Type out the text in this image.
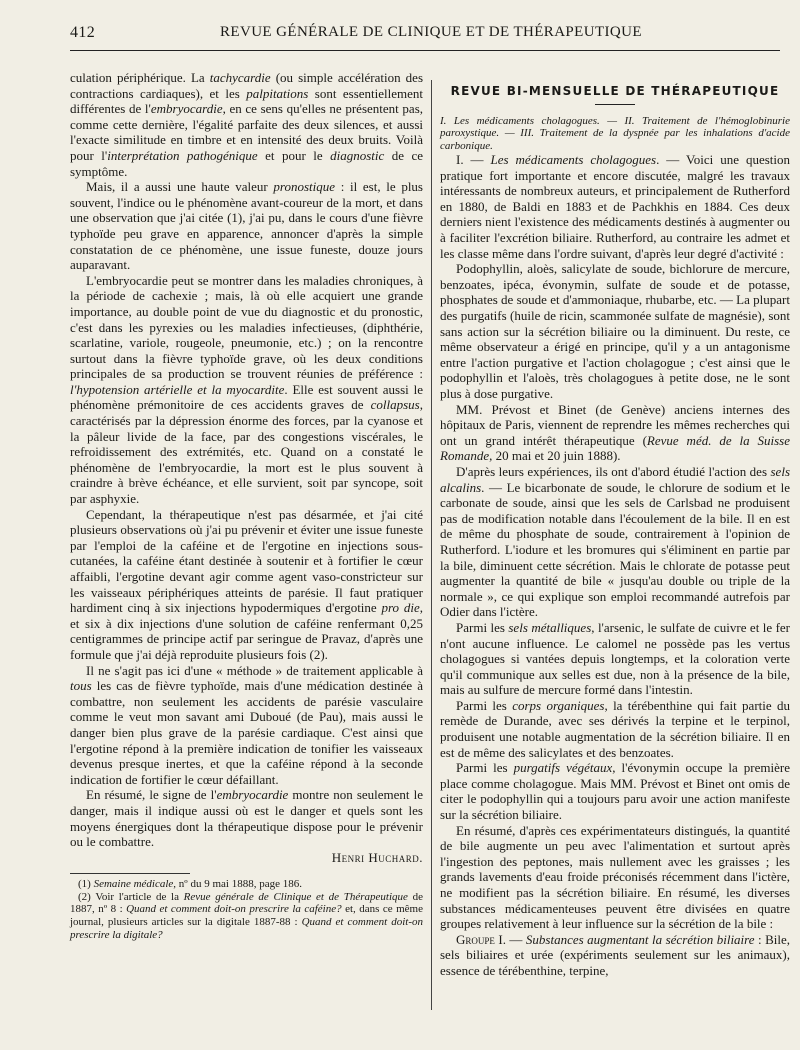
412	REVUE GÉNÉRALE DE CLINIQUE ET DE THÉRAPEUTIQUE

culation périphérique. La tachycardie (ou simple accélération des contractions cardiaques), et les palpitations sont essentiellement différentes de l'embryocardie, en ce sens qu'elles ne présentent pas, comme cette dernière, l'égalité parfaite des deux silences, et aussi l'exacte similitude en timbre et en intensité des deux bruits. Voilà pour l'interprétation pathogénique et pour le diagnostic de ce symptôme.

Mais, il a aussi une haute valeur pronostique : il est, le plus souvent, l'indice ou le phénomène avant-coureur de la mort, et dans une observation que j'ai citée (1), j'ai pu, dans le cours d'une fièvre typhoïde peu grave en apparence, annoncer d'après la simple constatation de ce phénomène, une issue funeste, douze jours auparavant.

L'embryocardie peut se montrer dans les maladies chroniques, à la période de cachexie ; mais, là où elle acquiert une grande importance, au double point de vue du diagnostic et du pronostic, c'est dans les pyrexies ou les maladies infectieuses, (diphthérie, scarlatine, variole, rougeole, pneumonie, etc.) ; on la rencontre surtout dans la fièvre typhoïde grave, où les deux conditions principales de sa production se trouvent réunies de préférence : l'hypotension artérielle et la myocardite. Elle est souvent aussi le phénomène prémonitoire de ces accidents graves de collapsus, caractérisés par la dépression énorme des forces, par la cyanose et la pâleur livide de la face, par des congestions viscérales, le refroidissement des extrémités, etc. Quand on a constaté le phénomène de l'embryocardie, la mort est le plus souvent à craindre à brève échéance, et elle survient, soit par syncope, soit par asphyxie.

Cependant, la thérapeutique n'est pas désarmée, et j'ai cité plusieurs observations où j'ai pu prévenir et éviter une issue funeste par l'emploi de la caféine et de l'ergotine en injections sous-cutanées, la caféine étant destinée à soutenir et à fortifier le cœur affaibli, l'ergotine devant agir comme agent vaso-constricteur sur les vaisseaux périphériques atteints de parésie. Il faut pratiquer hardiment cinq à six injections hypodermiques d'ergotine pro die, et six à dix injections d'une solution de caféine renfermant 0,25 centigrammes de principe actif par seringue de Pravaz, d'après une formule que j'ai déjà reproduite plusieurs fois (2).

Il ne s'agit pas ici d'une « méthode » de traitement applicable à tous les cas de fièvre typhoïde, mais d'une médication destinée à combattre, non seulement les accidents de parésie vasculaire comme le veut mon savant ami Duboué (de Pau), mais aussi le danger bien plus grave de la parésie cardiaque. C'est ainsi que l'ergotine répond à la première indication de tonifier les vaisseaux devenus presque inertes, et que la caféine répond à la seconde indication de fortifier le cœur défaillant.

En résumé, le signe de l'embryocardie montre non seulement le danger, mais il indique aussi où est le danger et quels sont les moyens énergiques dont la thérapeutique dispose pour le prévenir ou le combattre.

Henri Huchard.

(1) Semaine médicale, nº du 9 mai 1888, page 186.

(2) Voir l'article de la Revue générale de Clinique et de Thérapeutique de 1887, nº 8 : Quand et comment doit-on prescrire la caféine? et, dans ce même journal, plusieurs articles sur la digitale 1887-88 : Quand et comment doit-on prescrire la digitale?

REVUE BI-MENSUELLE DE THÉRAPEUTIQUE

I. Les médicaments cholagogues. — II. Traitement de l'hémoglobinurie paroxystique. — III. Traitement de la dyspnée par les inhalations d'acide carbonique.

I. — Les médicaments cholagogues. — Voici une question pratique fort importante et encore discutée, malgré les travaux intéressants de nombreux auteurs, et principalement de Rutherford en 1880, de Baldi en 1883 et de Pachkhis en 1884. Ces deux derniers nient l'existence des médicaments destinés à augmenter ou à faciliter l'excrétion biliaire. Rutherford, au contraire les admet et les classe même dans l'ordre suivant, d'après leur degré d'activité :

Podophyllin, aloès, salicylate de soude, bichlorure de mercure, benzoates, ipéca, évonymin, sulfate de soude et de potasse, phosphates de soude et d'ammoniaque, rhubarbe, etc. — La plupart des purgatifs (huile de ricin, scammonée sulfate de magnésie), sont sans action sur la sécrétion biliaire ou la diminuent. Du reste, ce même observateur a érigé en principe, qu'il y a un antagonisme entre l'action purgative et l'action cholagogue ; c'est ainsi que le podophyllin et l'aloès, très cholagogues à petite dose, ne le sont plus à dose purgative.

MM. Prévost et Binet (de Genève) anciens internes des hôpitaux de Paris, viennent de reprendre les mêmes recherches qui ont un grand intérêt thérapeutique (Revue méd. de la Suisse Romande, 20 mai et 20 juin 1888).

D'après leurs expériences, ils ont d'abord étudié l'action des sels alcalins. — Le bicarbonate de soude, le chlorure de sodium et le carbonate de soude, ainsi que les sels de Carlsbad ne produisent pas de modification notable dans l'écoulement de la bile. Il en est de même du phosphate de soude, contrairement à l'opinion de Rutherford. L'iodure et les bromures qui s'éliminent en partie par la bile, diminuent cette sécrétion. Mais le chlorate de potasse peut augmenter la quantité de bile « jusqu'au double ou triple de la normale », ce qui explique son emploi recommandé autrefois par Odier dans l'ictère.

Parmi les sels métalliques, l'arsenic, le sulfate de cuivre et le fer n'ont aucune influence. Le calomel ne possède pas les vertus cholagogues si vantées depuis longtemps, et la coloration verte qu'il communique aux selles est due, non à la présence de la bile, mais au sulfure de mercure formé dans l'intestin.

Parmi les corps organiques, la térébenthine qui fait partie du remède de Durande, avec ses dérivés la terpine et le terpinol, produisent une notable augmentation de la sécrétion biliaire. Il en est de même des salicylates et des benzoates.

Parmi les purgatifs végétaux, l'évonymin occupe la première place comme cholagogue. Mais MM. Prévost et Binet ont omis de citer le podophyllin qui a toujours paru avoir une action manifeste sur la sécrétion biliaire.

En résumé, d'après ces expérimentateurs distingués, la quantité de bile augmente un peu avec l'alimentation et surtout après l'ingestion des peptones, mais nullement avec les graisses ; les grands lavements d'eau froide préconisés récemment dans l'ictère, ne modifient pas la sécrétion biliaire. En résumé, les diverses substances médicamenteuses peuvent être divisées en quatre groupes relativement à leur influence sur la sécrétion de la bile :

Groupe I. — Substances augmentant la sécrétion biliaire : Bile, sels biliaires et urée (expériments seulement sur les animaux), essence de térébenthine, terpine,
